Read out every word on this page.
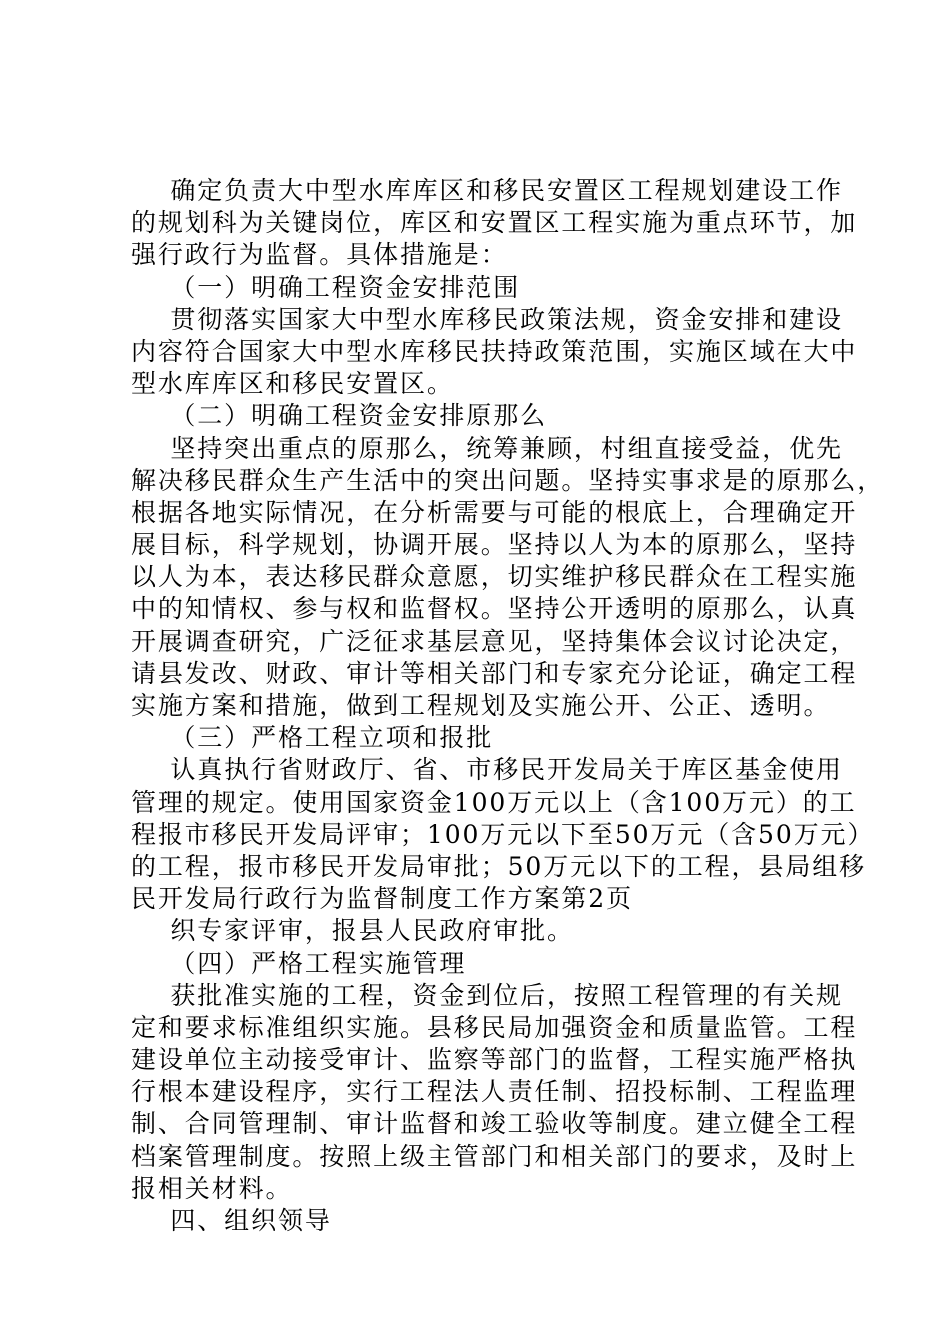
确定负责大中型水库库区和移民安置区工程规划建设工作
的规划科为关键岗位，库区和安置区工程实施为重点环节，加
强行政行为监督。具体措施是：
（一）明确工程资金安排范围
贯彻落实国家大中型水库移民政策法规，资金安排和建设
内容符合国家大中型水库移民扶持政策范围，实施区域在大中
型水库库区和移民安置区。
（二）明确工程资金安排原那么
坚持突出重点的原那么，统筹兼顾，村组直接受益，优先
解决移民群众生产生活中的突出问题。坚持实事求是的原那么，
根据各地实际情况，在分析需要与可能的根底上，合理确定开
展目标，科学规划，协调开展。坚持以人为本的原那么，坚持
以人为本，表达移民群众意愿，切实维护移民群众在工程实施
中的知情权、参与权和监督权。坚持公开透明的原那么，认真
开展调查研究，广泛征求基层意见，坚持集体会议讨论决定，
请县发改、财政、审计等相关部门和专家充分论证，确定工程
实施方案和措施，做到工程规划及实施公开、公正、透明。
（三）严格工程立项和报批
认真执行省财政厅、省、市移民开发局关于库区基金使用
管理的规定。使用国家资金100万元以上（含100万元）的工
程报市移民开发局评审；100万元以下至50万元（含50万元）
的工程，报市移民开发局审批；50万元以下的工程，县局组移
民开发局行政行为监督制度工作方案第2页
织专家评审，报县人民政府审批。
（四）严格工程实施管理
获批准实施的工程，资金到位后，按照工程管理的有关规
定和要求标准组织实施。县移民局加强资金和质量监管。工程
建设单位主动接受审计、监察等部门的监督，工程实施严格执
行根本建设程序，实行工程法人责任制、招投标制、工程监理
制、合同管理制、审计监督和竣工验收等制度。建立健全工程
档案管理制度。按照上级主管部门和相关部门的要求，及时上
报相关材料。
四、组织领导
